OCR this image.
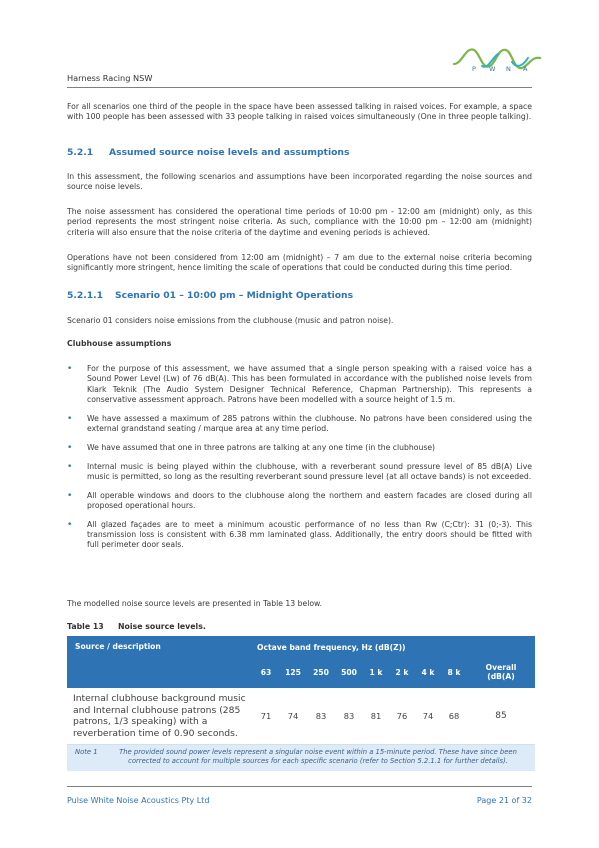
P W N A
Harness Racing NSW

For all scenarios one third of the people in the space have been assessed talking in raised voices. For example, a space with 100 people has been assessed with 33 people talking in raised voices simultaneously (One in three people talking).

5.2.1 Assumed source noise levels and assumptions

In this assessment, the following scenarios and assumptions have been incorporated regarding the noise sources and source noise levels.

The noise assessment has considered the operational time periods of 10:00 pm - 12:00 am (midnight) only, as this period represents the most stringent noise criteria. As such, compliance with the 10:00 pm – 12:00 am (midnight) criteria will also ensure that the noise criteria of the daytime and evening periods is achieved.

Operations have not been considered from 12:00 am (midnight) – 7 am due to the external noise criteria becoming significantly more stringent, hence limiting the scale of operations that could be conducted during this time period.

5.2.1.1 Scenario 01 – 10:00 pm – Midnight Operations

Scenario 01 considers noise emissions from the clubhouse (music and patron noise).

Clubhouse assumptions

• For the purpose of this assessment, we have assumed that a single person speaking with a raised voice has a Sound Power Level (Lw) of 76 dB(A). This has been formulated in accordance with the published noise levels from Klark Teknik (The Audio System Designer Technical Reference, Chapman Partnership). This represents a conservative assessment approach. Patrons have been modelled with a source height of 1.5 m.
• We have assessed a maximum of 285 patrons within the clubhouse. No patrons have been considered using the external grandstand seating / marque area at any time period.
• We have assumed that one in three patrons are talking at any one time (in the clubhouse)
• Internal music is being played within the clubhouse, with a reverberant sound pressure level of 85 dB(A) Live music is permitted, so long as the resulting reverberant sound pressure level (at all octave bands) is not exceeded.
• All operable windows and doors to the clubhouse along the northern and eastern facades are closed during all proposed operational hours.
• All glazed façades are to meet a minimum acoustic performance of no less than Rw (C;Ctr): 31 (0;-3). This transmission loss is consistent with 6.38 mm laminated glass. Additionally, the entry doors should be fitted with full perimeter door seals.

The modelled noise source levels are presented in Table 13 below.

Table 13 Noise source levels.

Source / description	Octave band frequency, Hz (dB(Z))								
	63	125	250	500	1 k	2 k	4 k	8 k	Overall (dB(A)
Internal clubhouse background music and Internal clubhouse patrons (285 patrons, 1/3 speaking) with a reverberation time of 0.90 seconds.	71	74	83	83	81	76	74	68	85

Note 1 The provided sound power levels represent a singular noise event within a 15-minute period. These have since been corrected to account for multiple sources for each specific scenario (refer to Section 5.2.1.1 for further details).									
Pulse White Noise Acoustics Pty Ltd	Page 21 of 32
